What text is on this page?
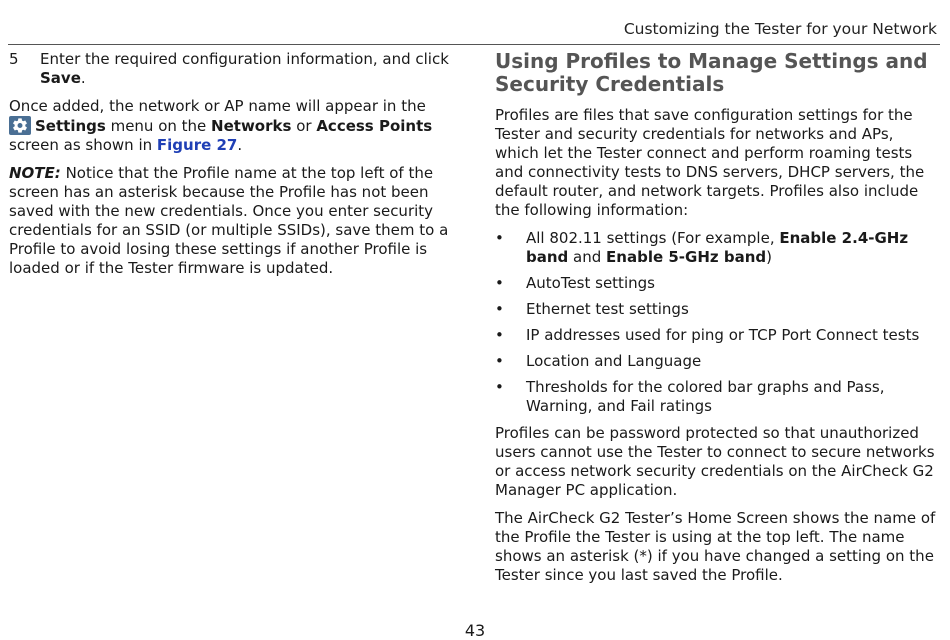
Customizing the Tester for your Network
5	Enter the required configuration information, and click Save.

Once added, the network or AP name will appear in the

Settings menu on the Networks or Access Points screen as shown in Figure 27.

NOTE: Notice that the Profile name at the top left of the screen has an asterisk because the Profile has not been saved with the new credentials. Once you enter security credentials for an SSID (or multiple SSIDs), save them to a Profile to avoid losing these settings if another Profile is loaded or if the Tester firmware is updated.

Using Profiles to Manage Settings and Security Credentials

Profiles are files that save configuration settings for the Tester and security credentials for networks and APs, which let the Tester connect and perform roaming tests and connectivity tests to DNS servers, DHCP servers, the default router, and network targets. Profiles also include the following information:

•	All 802.11 settings (For example, Enable 2.4-GHz band and Enable 5-GHz band)
•	AutoTest settings
•	Ethernet test settings
•	IP addresses used for ping or TCP Port Connect tests
•	Location and Language
•	Thresholds for the colored bar graphs and Pass, Warning, and Fail ratings

Profiles can be password protected so that unauthorized users cannot use the Tester to connect to secure networks or access network security credentials on the AirCheck G2 Manager PC application.

The AirCheck G2 Tester’s Home Screen shows the name of the Profile the Tester is using at the top left. The name shows an asterisk (*) if you have changed a setting on the Tester since you last saved the Profile.

43
